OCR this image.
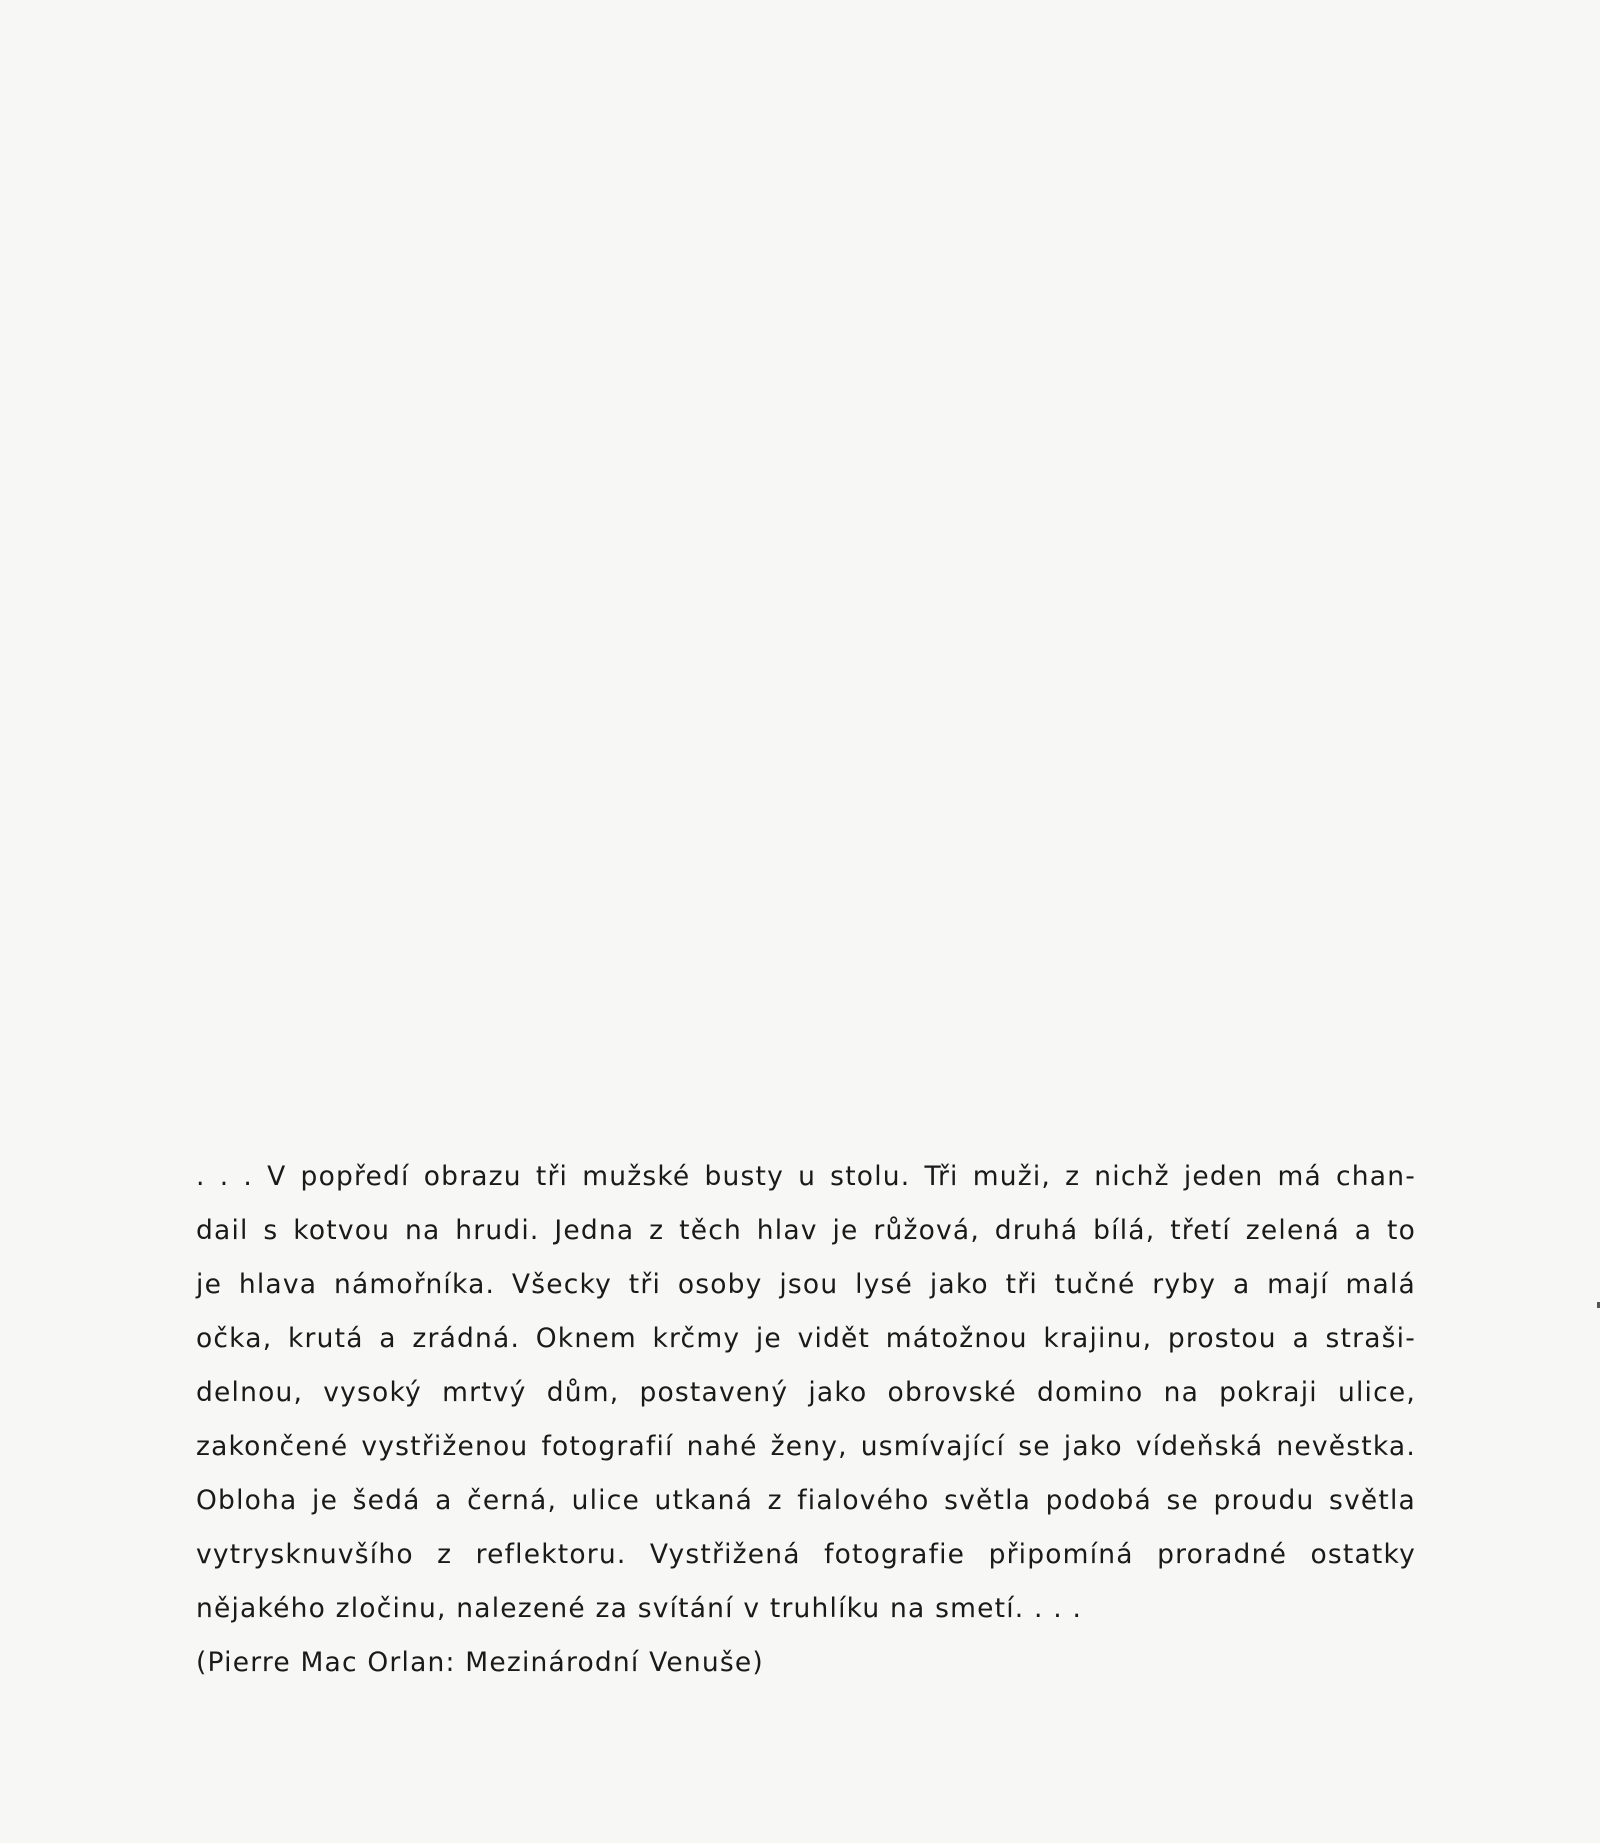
. . . V popředí obrazu tři mužské busty u stolu. Tři muži, z nichž jeden má chan-
dail s kotvou na hrudi. Jedna z těch hlav je růžová, druhá bílá, třetí zelená a to
je hlava námořníka. Všecky tři osoby jsou lysé jako tři tučné ryby a mají malá
očka, krutá a zrádná. Oknem krčmy je vidět mátožnou krajinu, prostou a straši-
delnou, vysoký mrtvý dům, postavený jako obrovské domino na pokraji ulice,
zakončené vystřiženou fotografií nahé ženy, usmívající se jako vídeňská nevěstka.
Obloha je šedá a černá, ulice utkaná z fialového světla podobá se proudu světla
vytrysknuvšího z reflektoru. Vystřižená fotografie připomíná proradné ostatky
nějakého zločinu, nalezené za svítání v truhlíku na smetí. . . .
(Pierre Mac Orlan: Mezinárodní Venuše)
